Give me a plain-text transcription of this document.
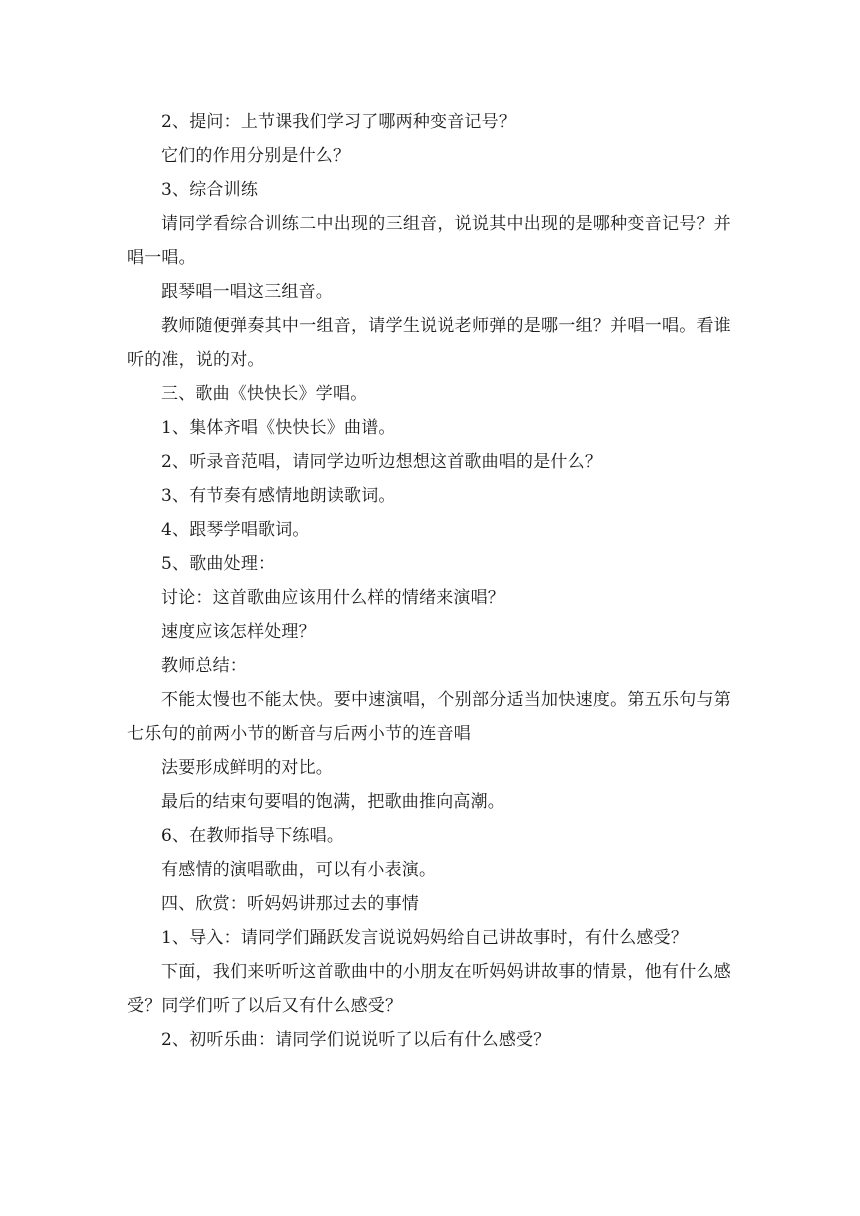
2、提问：上节课我们学习了哪两种变音记号？

它们的作用分别是什么？

3、综合训练

请同学看综合训练二中出现的三组音，说说其中出现的是哪种变音记号？并唱一唱。

跟琴唱一唱这三组音。

教师随便弹奏其中一组音，请学生说说老师弹的是哪一组？并唱一唱。看谁听的准，说的对。

三、歌曲《快快长》学唱。

1、集体齐唱《快快长》曲谱。

2、听录音范唱，请同学边听边想想这首歌曲唱的是什么？

3、有节奏有感情地朗读歌词。

4、跟琴学唱歌词。

5、歌曲处理：

讨论：这首歌曲应该用什么样的情绪来演唱？

速度应该怎样处理？

教师总结：

不能太慢也不能太快。要中速演唱，个别部分适当加快速度。第五乐句与第七乐句的前两小节的断音与后两小节的连音唱

法要形成鲜明的对比。

最后的结束句要唱的饱满，把歌曲推向高潮。

6、在教师指导下练唱。

有感情的演唱歌曲，可以有小表演。

四、欣赏：听妈妈讲那过去的事情

1、导入：请同学们踊跃发言说说妈妈给自己讲故事时，有什么感受？

下面，我们来听听这首歌曲中的小朋友在听妈妈讲故事的情景，他有什么感受？同学们听了以后又有什么感受？

2、初听乐曲：请同学们说说听了以后有什么感受？
